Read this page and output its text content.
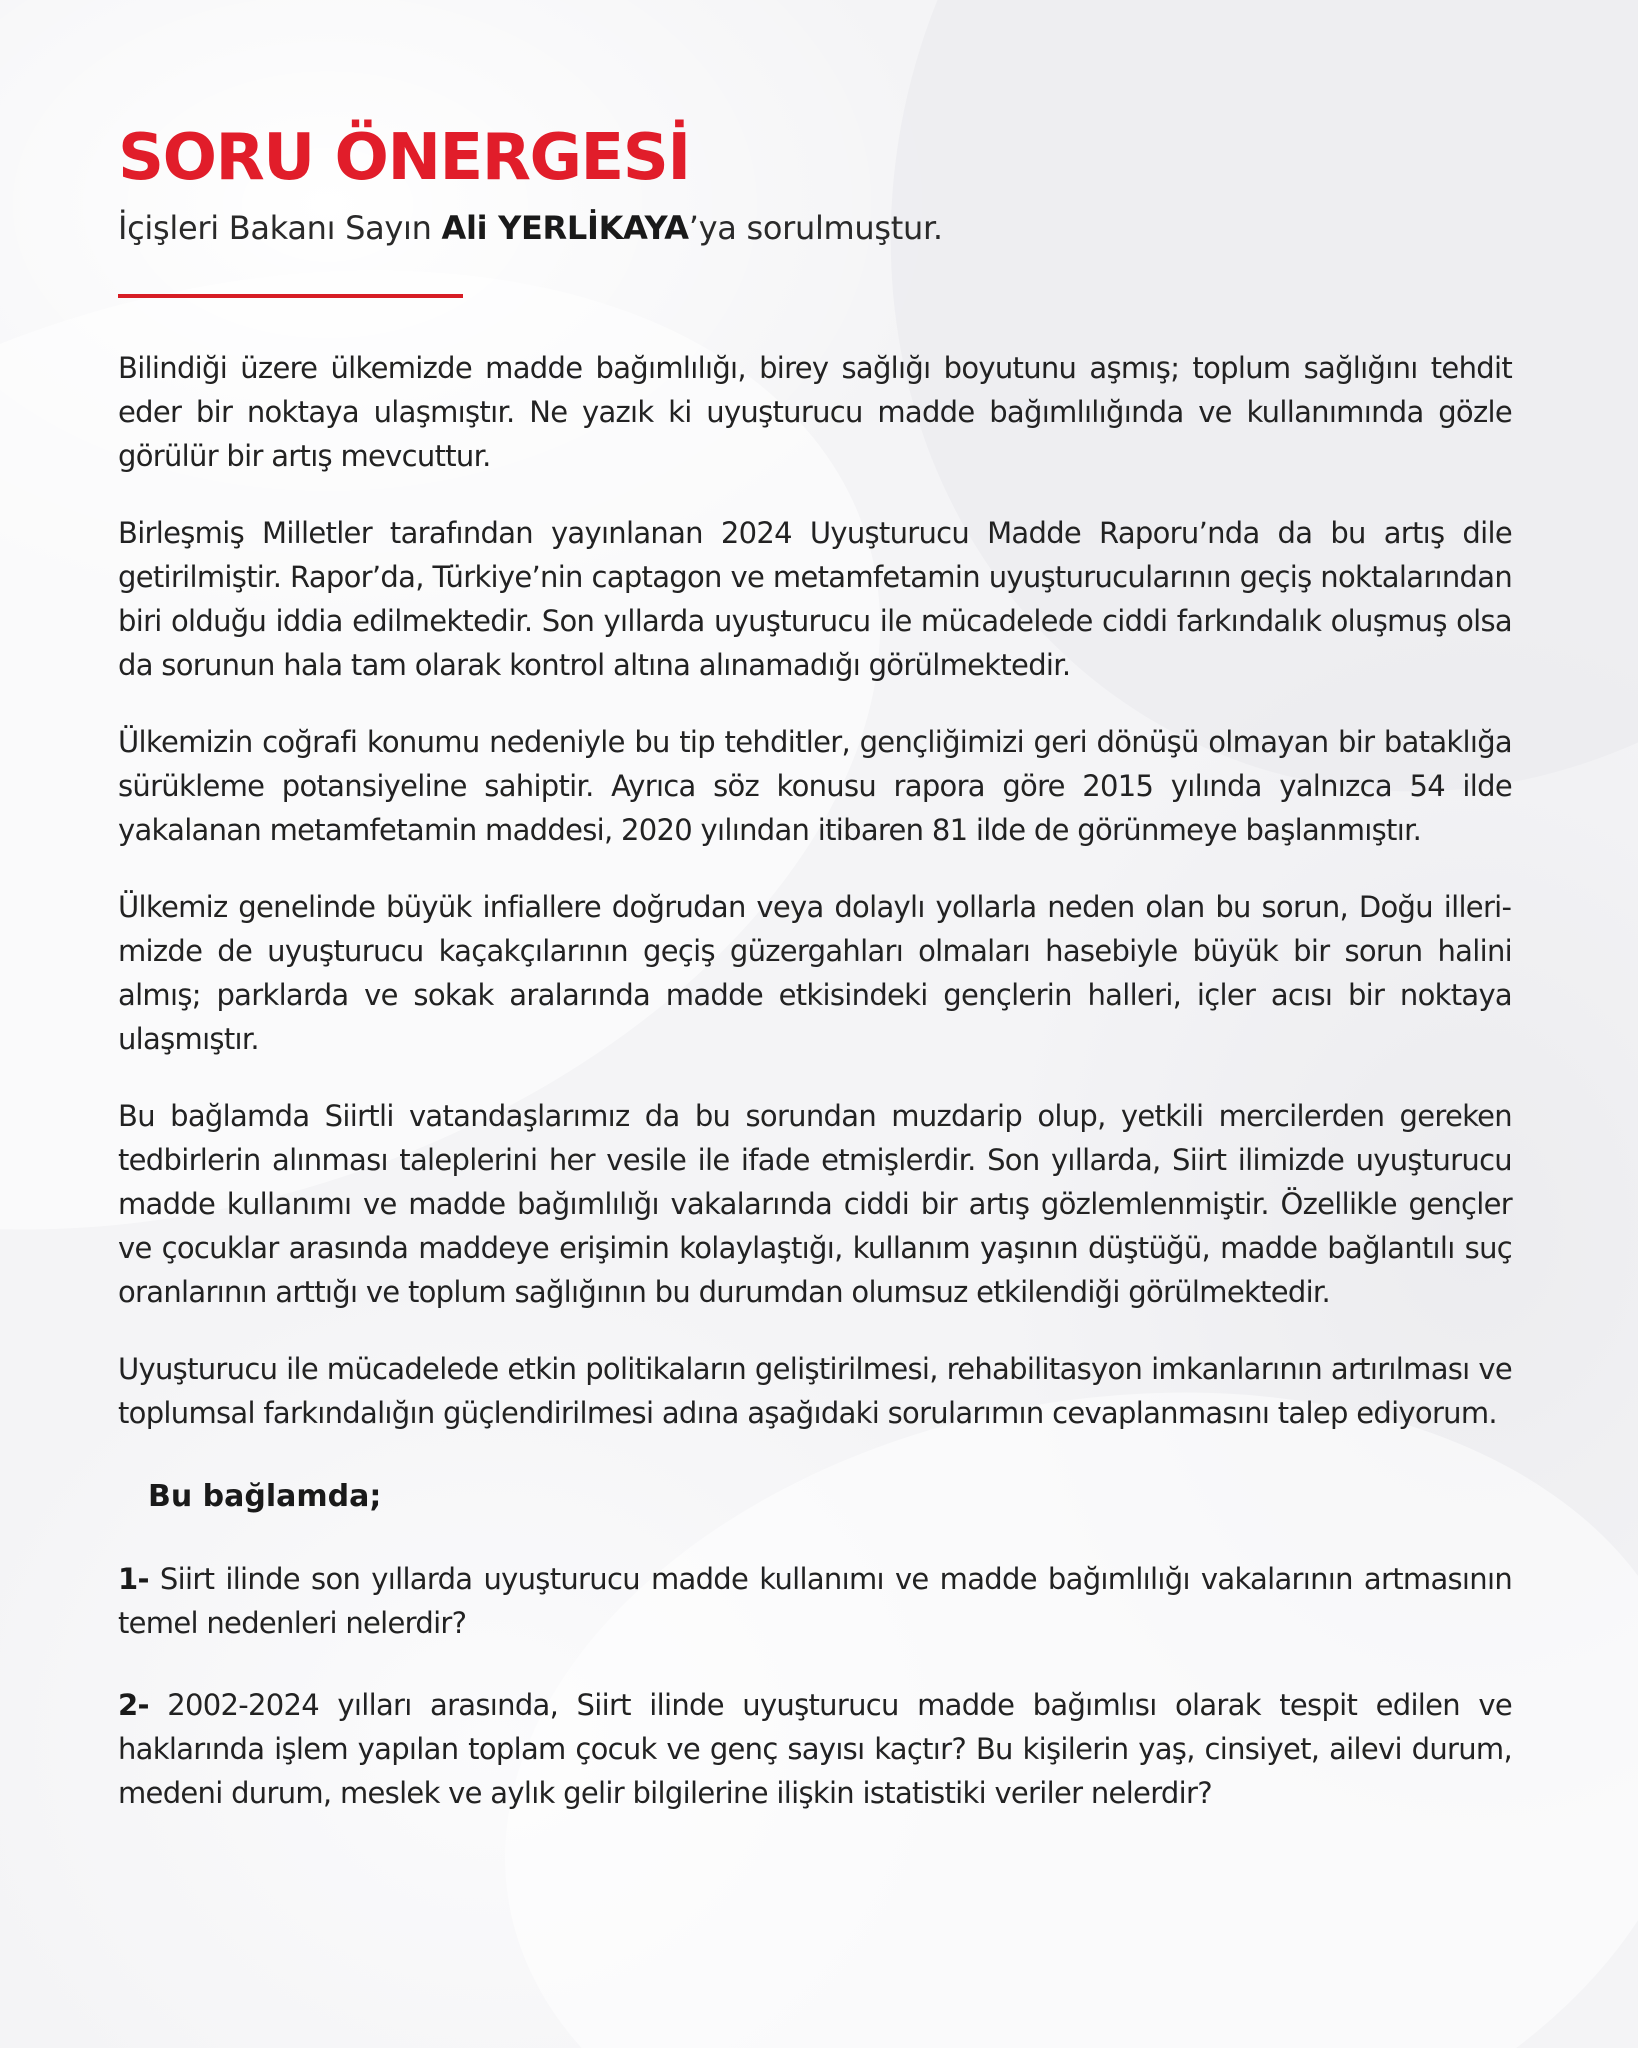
SORU ÖNERGESİ

İçişleri Bakanı Sayın Ali YERLİKAYA’ya sorulmuştur.

Bilindiği üzere ülkemizde madde bağımlılığı, birey sağlığı boyutunu aşmış; toplum sağlığını tehdit eder bir noktaya ulaşmıştır. Ne yazık ki uyuşturucu madde bağımlılığında ve kullanımında gözle görülür bir artış mevcuttur.

Birleşmiş Milletler tarafından yayınlanan 2024 Uyuşturucu Madde Raporu’nda da bu artış dile getirilmiştir. Rapor’da, Türkiye’nin captagon ve metamfetamin uyuşturucularının geçiş noktalarından biri olduğu iddia edilmektedir. Son yıllarda uyuşturucu ile mücadelede ciddi farkındalık oluşmuş olsa da sorunun hala tam olarak kontrol altına alınamadığı görülmektedir.

Ülkemizin coğrafi konumu nedeniyle bu tip tehditler, gençliğimizi geri dönüşü olmayan bir bataklığa sürükleme potansiyeline sahiptir. Ayrıca söz konusu rapora göre 2015 yılında yalnızca 54 ilde yakalanan metamfetamin maddesi, 2020 yılından itibaren 81 ilde de görünmeye başlanmıştır.

Ülkemiz genelinde büyük infiallere doğrudan veya dolaylı yollarla neden olan bu sorun, Doğu illerimizde de uyuşturucu kaçakçılarının geçiş güzergahları olmaları hasebiyle büyük bir sorun halini almış; parklarda ve sokak aralarında madde etkisindeki gençlerin halleri, içler acısı bir noktaya ulaşmıştır.

Bu bağlamda Siirtli vatandaşlarımız da bu sorundan muzdarip olup, yetkili mercilerden gereken tedbirlerin alınması taleplerini her vesile ile ifade etmişlerdir. Son yıllarda, Siirt ilimizde uyuşturucu madde kullanımı ve madde bağımlılığı vakalarında ciddi bir artış gözlemlenmiştir. Özellikle gençler ve çocuklar arasında maddeye erişimin kolaylaştığı, kullanım yaşının düştüğü, madde bağlantılı suç oranlarının arttığı ve toplum sağlığının bu durumdan olumsuz etkilendiği görülmektedir.

Uyuşturucu ile mücadelede etkin politikaların geliştirilmesi, rehabilitasyon imkanlarının artırılması ve toplumsal farkındalığın güçlendirilmesi adına aşağıdaki sorularımın cevaplanmasını talep ediyorum.

Bu bağlamda;
1- Siirt ilinde son yıllarda uyuşturucu madde kullanımı ve madde bağımlılığı vakalarının artmasının temel nedenleri nelerdir?
2- 2002-2024 yılları arasında, Siirt ilinde uyuşturucu madde bağımlısı olarak tespit edilen ve haklarında işlem yapılan toplam çocuk ve genç sayısı kaçtır? Bu kişilerin yaş, cinsiyet, ailevi durum, medeni durum, meslek ve aylık gelir bilgilerine ilişkin istatistiki veriler nelerdir?
